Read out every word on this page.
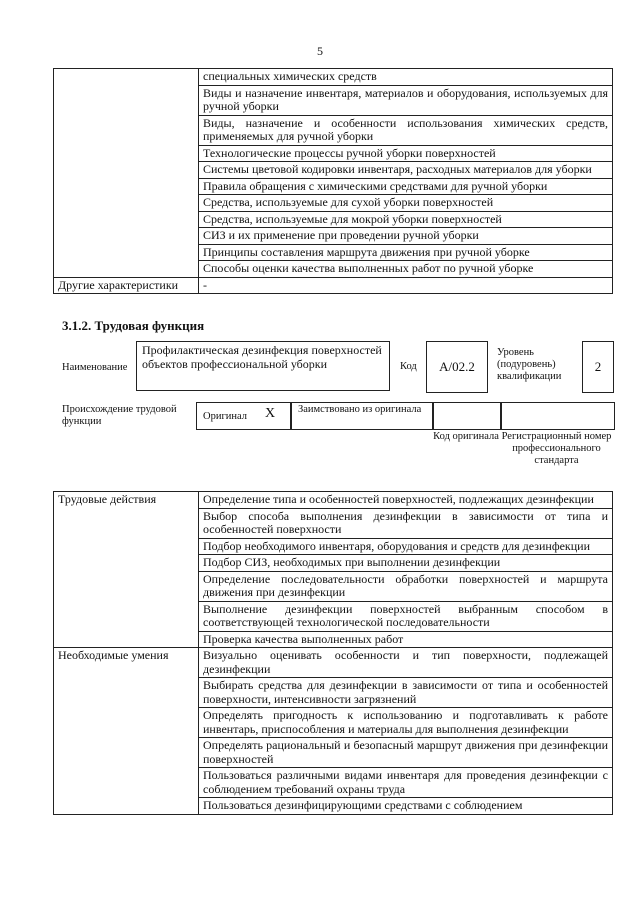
5
	специальных химических средств
	Виды и назначение инвентаря, материалов и оборудования, используемых для ручной уборки
	Виды, назначение и особенности использования химических средств, применяемых для ручной уборки
	Технологические процессы ручной уборки поверхностей
	Системы цветовой кодировки инвентаря, расходных материалов для уборки
	Правила обращения с химическими средствами для ручной уборки
	Средства, используемые для сухой уборки поверхностей
	Средства, используемые для мокрой уборки поверхностей
	СИЗ и их применение при проведении ручной уборки
	Принципы составления маршрута движения при ручной уборке
	Способы оценки качества выполненных работ по ручной уборке
Другие характеристики	-
3.1.2. Трудовая функция
Наименование
Профилактическая дезинфекция поверхностей объектов профессиональной уборки	Код	А/02.2
Уровень (подуровень) квалификации
2
Происхождение трудовой функции	Оригинал X Заимствовано из оригинала
Код оригинала Регистрационный номер профессионального стандарта
Трудовые действия	Определение типа и особенностей поверхностей, подлежащих дезинфекции
	Выбор способа выполнения дезинфекции в зависимости от типа и особенностей поверхности
	Подбор необходимого инвентаря, оборудования и средств для дезинфекции
	Подбор СИЗ, необходимых при выполнении дезинфекции
	Определение последовательности обработки поверхностей и маршрута движения при дезинфекции
	Выполнение дезинфекции поверхностей выбранным способом в соответствующей технологической последовательности
	Проверка качества выполненных работ
Необходимые умения	Визуально оценивать особенности и тип поверхности, подлежащей дезинфекции
	Выбирать средства для дезинфекции в зависимости от типа и особенностей поверхности, интенсивности загрязнений
	Определять пригодность к использованию и подготавливать к работе инвентарь, приспособления и материалы для выполнения дезинфекции
	Определять рациональный и безопасный маршрут движения при дезинфекции поверхностей
	Пользоваться различными видами инвентаря для проведения дезинфекции с соблюдением требований охраны труда
	Пользоваться дезинфицирующими средствами с соблюдением
